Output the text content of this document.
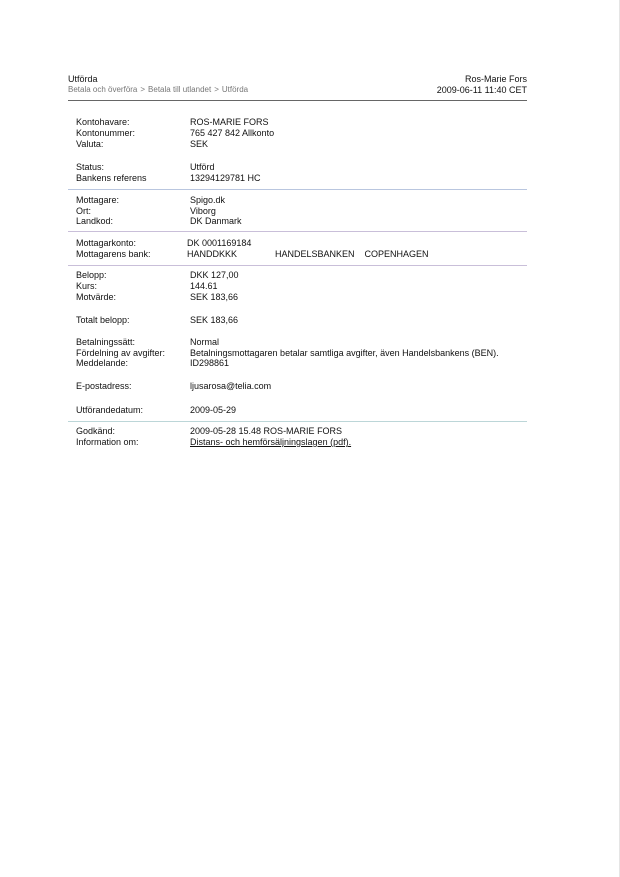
Utförda
Betala och överföra > Betala till utlandet > Utförda
Ros-Marie Fors
2009-06-11 11:40 CET
Kontohavare:	ROS-MARIE FORS
Kontonummer:	765 427 842 Allkonto
Valuta:	SEK
Status:	Utförd
Bankens referens	13294129781 HC
Mottagare:	Spigo.dk
Ort:	Viborg
Landkod:	DK Danmark
Mottagarkonto:	DK 0001169184
Mottagarens bank:	HANDDKKK	HANDELSBANKEN COPENHAGEN
Belopp:	DKK 127,00
Kurs:	144.61
Motvärde:	SEK 183,66
Totalt belopp:	SEK 183,66
Betalningssätt:	Normal
Fördelning av avgifter:	Betalningsmottagaren betalar samtliga avgifter, även Handelsbankens (BEN).
Meddelande:	ID298861
E-postadress:	ljusarosa@telia.com
Utförandedatum:	2009-05-29
Godkänd:	2009-05-28 15.48 ROS-MARIE FORS
Information om:	Distans- och hemförsäljningslagen (pdf).
